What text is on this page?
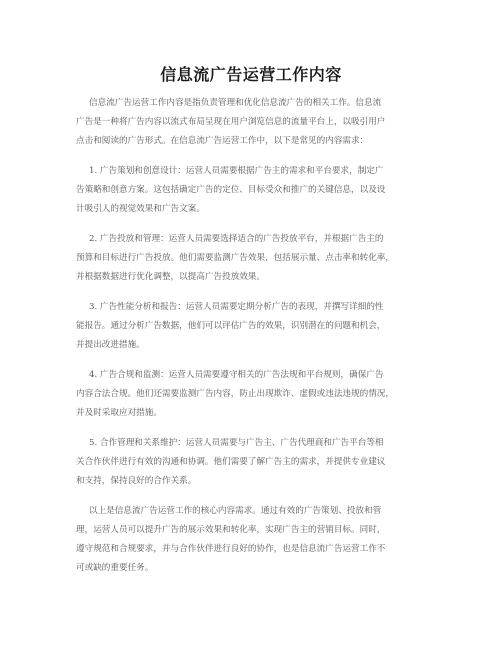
信息流广告运营工作内容
信息流广告运营工作内容是指负责管理和优化信息流广告的相关工作。信息流
广告是一种将广告内容以流式布局呈现在用户浏览信息的流量平台上，以吸引用户
点击和阅读的广告形式。在信息流广告运营工作中，以下是常见的内容需求：
1. 广告策划和创意设计：运营人员需要根据广告主的需求和平台要求，制定广
告策略和创意方案。这包括确定广告的定位、目标受众和推广的关键信息，以及设
计吸引人的视觉效果和广告文案。
2. 广告投放和管理：运营人员需要选择适合的广告投放平台，并根据广告主的
预算和目标进行广告投放。他们需要监测广告效果，包括展示量、点击率和转化率，
并根据数据进行优化调整，以提高广告投放效果。
3. 广告性能分析和报告：运营人员需要定期分析广告的表现，并撰写详细的性
能报告。通过分析广告数据，他们可以评估广告的效果，识别潜在的问题和机会，
并提出改进措施。
4. 广告合规和监测：运营人员需要遵守相关的广告法规和平台规则，确保广告
内容合法合规。他们还需要监测广告内容，防止出现欺诈、虚假或违法违规的情况，
并及时采取应对措施。
5. 合作管理和关系维护：运营人员需要与广告主、广告代理商和广告平台等相
关合作伙伴进行有效的沟通和协调。他们需要了解广告主的需求，并提供专业建议
和支持，保持良好的合作关系。
以上是信息流广告运营工作的核心内容需求。通过有效的广告策划、投放和管
理，运营人员可以提升广告的展示效果和转化率，实现广告主的营销目标。同时，
遵守规范和合规要求，并与合作伙伴进行良好的协作，也是信息流广告运营工作不
可或缺的重要任务。
